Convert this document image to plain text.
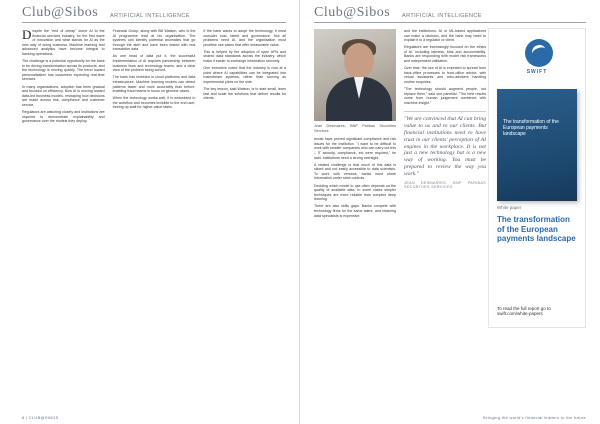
Club@Sibos ARTIFICIAL INTELLIGENCE
D espite the "end of cheap" dome AI to the financial services industry, for the first wave of innovation and what stands for AI as the new way of doing business. Machine learning and advanced analytics have become integral to banking operations.
The challenge is a potential opportunity for the bank to be driving transformation across its products, and the technology is moving quickly. The trend toward personalisation has customers expecting real-time services.
In many organisations, adoption has been gradual and focused on efficiency. Now AI is moving toward data-led business models, reshaping how decisions are made across risk, compliance and customer service.
Regulators are watching closely and institutions are required to demonstrate explainability and governance over the models they deploy.
Financial Group, along with Bill Watson, who is the AI programme lead at his organisation. The systems can identify potential anomalies that go through the alert and have been tested with real transaction data.
As one head of data put it, the successful implementation of AI requires partnership between business lines and technology teams, and a clear view of the problem being solved.
The bank has invested in cloud platforms and data infrastructure. Machine learning models can detect patterns faster and more accurately than before, enabling fraud teams to focus on genuine cases.
When the technology works well, it is embedded in the workflow and becomes invisible to the end user, freeing up staff for higher-value tasks.
If the bank wants to adopt the technology, it must consider cost, talent and governance. Not all problems need AI, and the organisation must prioritise use cases that offer measurable value.
This is helped by the adoption of open APIs and shared data standards across the industry, which make it easier to exchange information securely.
One executive noted that the industry is now at a point where AI capabilities can be integrated into mainstream systems, rather than running as experimental pilots on the side.
The key lesson, said Watson, is to start small, learn fast and scale the solutions that deliver results for clients.
8 | CLUB@SIBOS
Club@Sibos ARTIFICIAL INTELLIGENCE
Jean Desmaires, BNP Paribas Securities Services
would have proved significant compliance and risk issues for the institution. "I want to be difficult to work with smaller companies who can carry out this – IT security, compliance, etc were required," he said. Institutions need a strong oversight.
A related challenge is that much of this data is siloed and not easily accessible to data scientists. To work with vendors, banks must share information under strict controls.
Deciding which model to use often depends on the quality of available data. In some cases simpler techniques are more reliable than complex deep learning.
There are also skills gaps. Banks compete with technology firms for the same talent, and retaining data specialists is expensive.
and the institutions. AI or ML-based applications can make a decision, and the bank may need to explain it to a regulator or client.
Regulators are increasingly focused on the ethics of AI, including fairness, bias and accountability. Banks are responding with model risk frameworks and independent validation.
Over time, the use of AI is expected to spread from back-office processes to front-office advice, with virtual assistants and robo-advisers handling routine enquiries.
"The technology should augment people, not replace them," said one panellist. "The best results come from human judgement combined with machine insight."
"We are convinced that AI can bring value to us and to our clients. But financial institutions need to have trust in our clients' perception of AI engines in the workplace. It is not just a new technology but is a new way of working. You must be prepared to review the way you work."
JEAN DESMAIRES, BNP PARIBAS SECURITIES SERVICES
SWIFT
The transformation of the European payments landscape
White paper
The transformation of the European payments landscape
To read the full report go to swift.com/white-papers
Bringing the world's financial leaders to the future
